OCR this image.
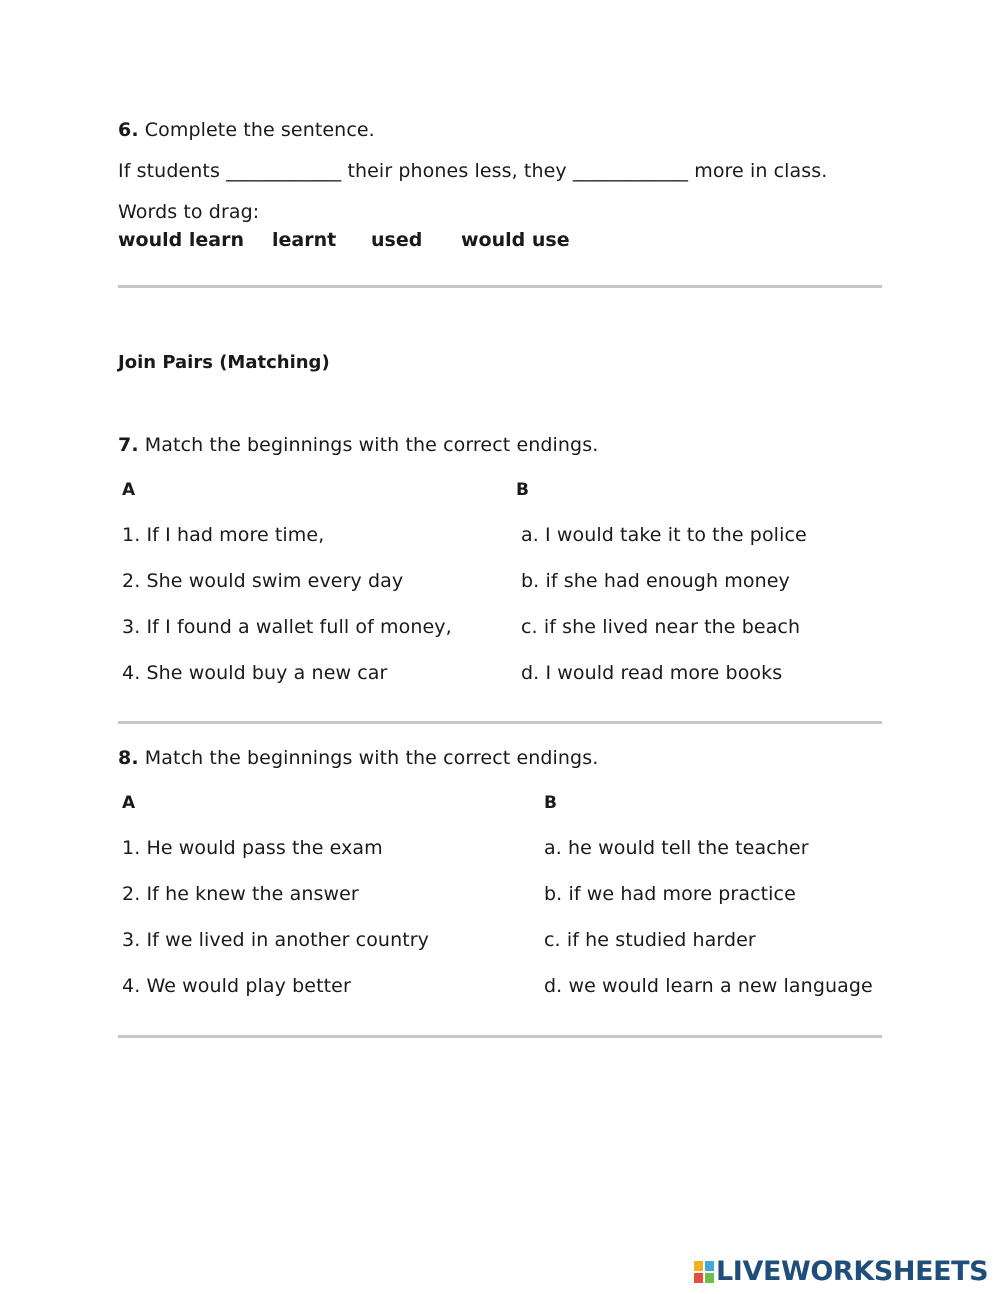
6. Complete the sentence.
If students ____________ their phones less, they ____________ more in class.
Words to drag:
would learn learnt used would use
Join Pairs (Matching)
7. Match the beginnings with the correct endings.
A	B
1. If I had more time,
2. She would swim every day
3. If I found a wallet full of money,
4. She would buy a new car
a. I would take it to the police
b. if she had enough money
c. if she lived near the beach
d. I would read more books
8. Match the beginnings with the correct endings.
A	B
1. He would pass the exam
2. If he knew the answer
3. If we lived in another country
4. We would play better
a. he would tell the teacher
b. if we had more practice
c. if he studied harder
d. we would learn a new language
LIVEWORKSHEETS
